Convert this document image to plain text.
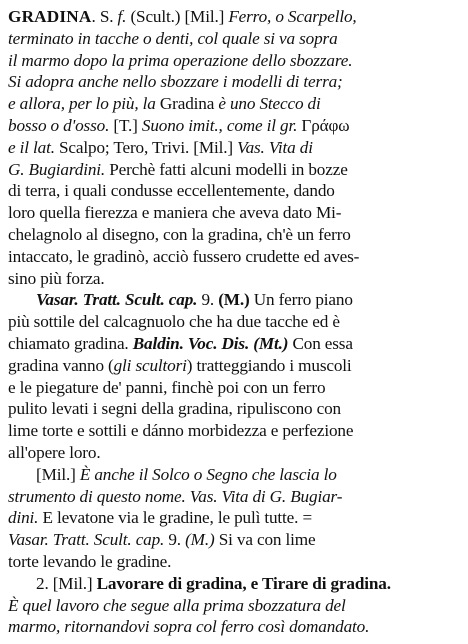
GRADINA. S. f. (Scult.) [Mil.] Ferro, o Scarpello,
terminato in tacche o denti, col quale si va sopra
il marmo dopo la prima operazione dello sbozzare.
Si adopra anche nello sbozzare i modelli di terra;
e allora, per lo più, la Gradina è uno Stecco di
bosso o d'osso. [T.] Suono imit., come il gr. Γράφω
e il lat. Scalpo; Tero, Trivi. [Mil.] Vas. Vita di
G. Bugiardini. Perchè fatti alcuni modelli in bozze
di terra, i quali condusse eccellentemente, dando
loro quella fierezza e maniera che aveva dato Mi-
chelagnolo al disegno, con la gradina, ch'è un ferro
intaccato, le gradinò, acciò fussero crudette ed aves-
sino più forza.
Vasar. Tratt. Scult. cap. 9. (M.) Un ferro piano
più sottile del calcagnuolo che ha due tacche ed è
chiamato gradina. Baldin. Voc. Dis. (Mt.) Con essa
gradina vanno (gli scultori) tratteggiando i muscoli
e le piegature de' panni, finchè poi con un ferro
pulito levati i segni della gradina, ripuliscono con
lime torte e sottili e dánno morbidezza e perfezione
all'opere loro.
[Mil.] È anche il Solco o Segno che lascia lo
strumento di questo nome. Vas. Vita di G. Bugiar-
dini. E levatone via le gradine, le pulì tutte. =
Vasar. Tratt. Scult. cap. 9. (M.) Si va con lime
torte levando le gradine.
2. [Mil.] Lavorare di gradina, e Tirare di gradina.
È quel lavoro che segue alla prima sbozzatura del
marmo, ritornandovi sopra col ferro così domandato.
